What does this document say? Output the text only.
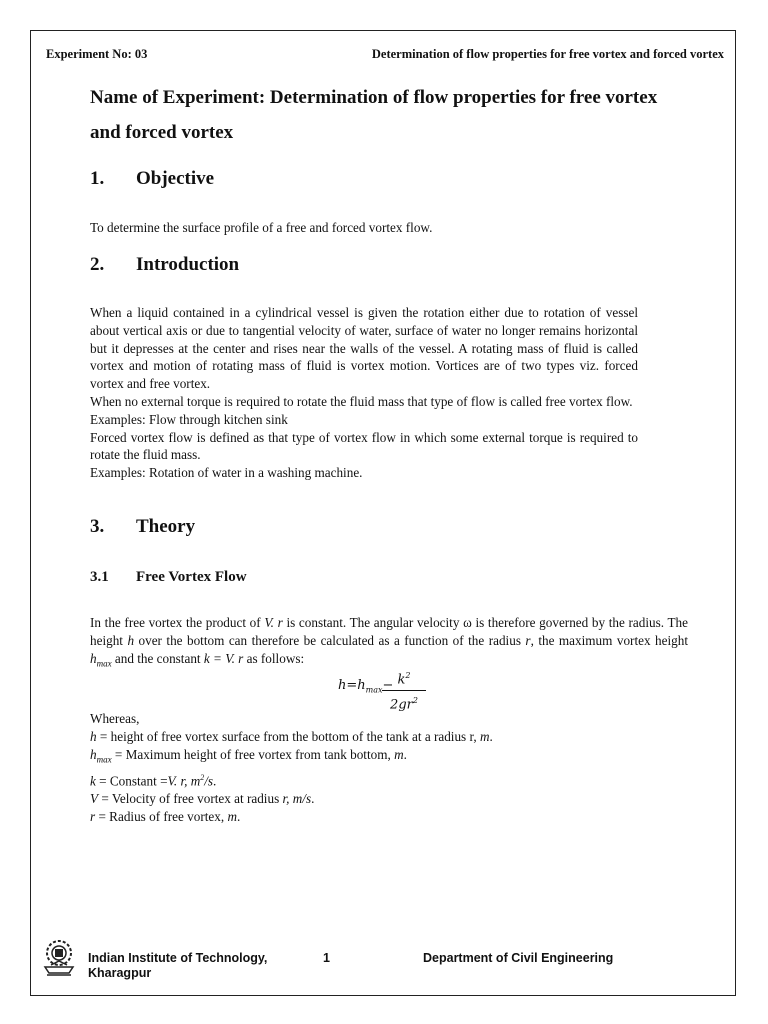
Experiment No: 03	Determination of flow properties for free vortex and forced vortex
Name of Experiment: Determination of flow properties for free vortex and forced vortex
1. Objective
To determine the surface profile of a free and forced vortex flow.
2. Introduction

When a liquid contained in a cylindrical vessel is given the rotation either due to rotation of vessel about vertical axis or due to tangential velocity of water, surface of water no longer remains horizontal but it depresses at the center and rises near the walls of the vessel. A rotating mass of fluid is called vortex and motion of rotating mass of fluid is vortex motion. Vortices are of two types viz. forced vortex and free vortex.

When no external torque is required to rotate the fluid mass that type of flow is called free vortex flow.

Examples: Flow through kitchen sink

Forced vortex flow is defined as that type of vortex flow in which some external torque is required to rotate the fluid mass.

Examples: Rotation of water in a washing machine.

3. Theory
3.1 Free Vortex Flow
In the free vortex the product of V. r is constant. The angular velocity ω is therefore governed by the radius. The height h over the bottom can therefore be calculated as a function of the radius r, the maximum vortex height $h_{max}$ and the constant k = V. r as follows:
$h=h_{max}- k^2$
$2gr^2$
Whereas,
h = height of free vortex surface from the bottom of the tank at a radius r, m.
$h_{max}$ = Maximum height of free vortex from tank bottom, m.
k = Constant =V. r, $m^2/s$.
V = Velocity of free vortex at radius r, m/s.
r = Radius of free vortex, m.
Indian Institute of Technology,
Kharagpur
1	Department of Civil Engineering
